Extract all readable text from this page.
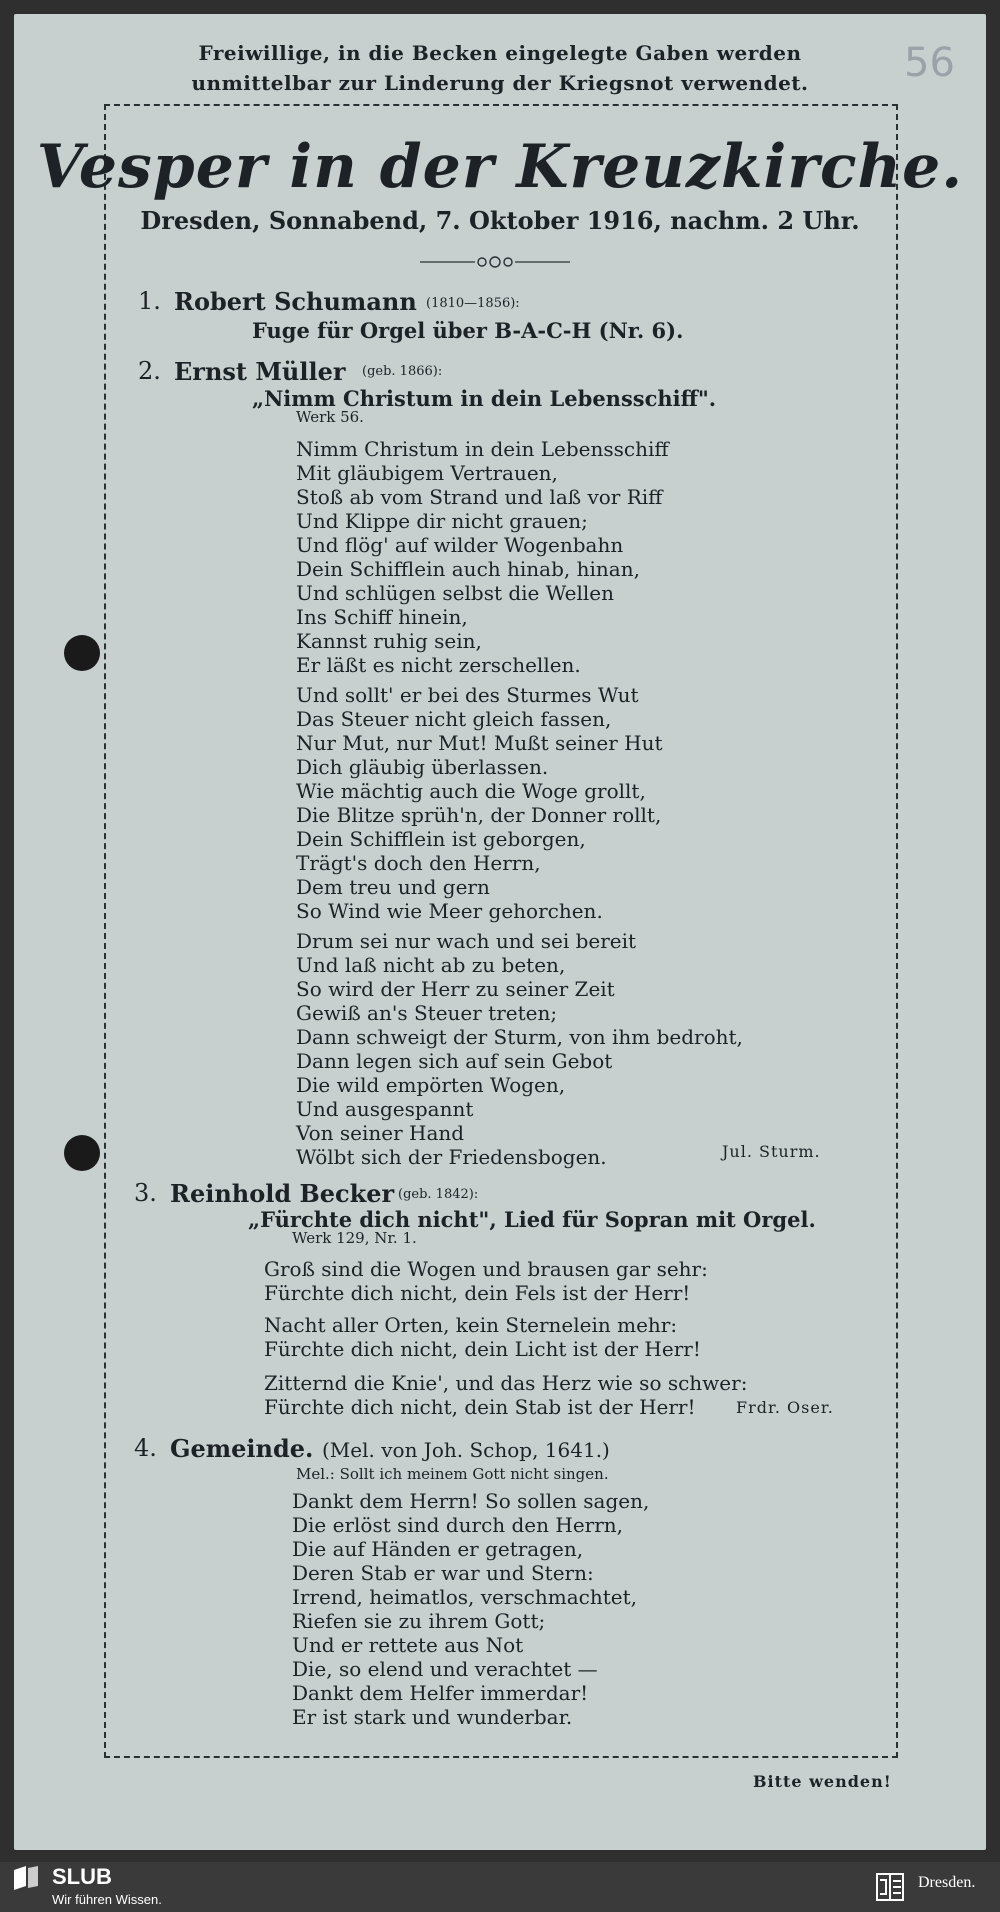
56
Freiwillige, in die Becken eingelegte Gaben werden
unmittelbar zur Linderung der Kriegsnot verwendet.
Vesper in der Kreuzkirche.
Dresden, Sonnabend, 7. Oktober 1916, nachm. 2 Uhr.
1. Robert Schumann (1810—1856):
Fuge für Orgel über B-A-C-H (Nr. 6).
2. Ernst Müller (geb. 1866):
„Nimm Christum in dein Lebensschiff".
Werk 56.
Nimm Christum in dein Lebensschiff
Mit gläubigem Vertrauen,
Stoß ab vom Strand und laß vor Riff
Und Klippe dir nicht grauen;
Und flög' auf wilder Wogenbahn
Dein Schifflein auch hinab, hinan,
Und schlügen selbst die Wellen
Ins Schiff hinein,
Kannst ruhig sein,
Er läßt es nicht zerschellen.
Und sollt' er bei des Sturmes Wut
Das Steuer nicht gleich fassen,
Nur Mut, nur Mut! Mußt seiner Hut
Dich gläubig überlassen.
Wie mächtig auch die Woge grollt,
Die Blitze sprüh'n, der Donner rollt,
Dein Schifflein ist geborgen,
Trägt's doch den Herrn,
Dem treu und gern
So Wind wie Meer gehorchen.
Drum sei nur wach und sei bereit
Und laß nicht ab zu beten,
So wird der Herr zu seiner Zeit
Gewiß an's Steuer treten;
Dann schweigt der Sturm, von ihm bedroht,
Dann legen sich auf sein Gebot
Die wild empörten Wogen,
Und ausgespannt
Von seiner Hand
Wölbt sich der Friedensbogen.	Jul. Sturm.
3. Reinhold Becker (geb. 1842):
„Fürchte dich nicht", Lied für Sopran mit Orgel.
Werk 129, Nr. 1.
Groß sind die Wogen und brausen gar sehr:
Fürchte dich nicht, dein Fels ist der Herr!
Nacht aller Orten, kein Sternelein mehr:
Fürchte dich nicht, dein Licht ist der Herr!
Zitternd die Knie', und das Herz wie so schwer:
Fürchte dich nicht, dein Stab ist der Herr!	Frdr. Oser.
4. Gemeinde. (Mel. von Joh. Schop, 1641.)
Mel.: Sollt ich meinem Gott nicht singen.
Dankt dem Herrn! So sollen sagen,
Die erlöst sind durch den Herrn,
Die auf Händen er getragen,
Deren Stab er war und Stern:
Irrend, heimatlos, verschmachtet,
Riefen sie zu ihrem Gott;
Und er rettete aus Not
Die, so elend und verachtet —
Dankt dem Helfer immerdar!
Er ist stark und wunderbar.
Bitte wenden!
SLUB
Wir führen Wissen.
Dresden.
